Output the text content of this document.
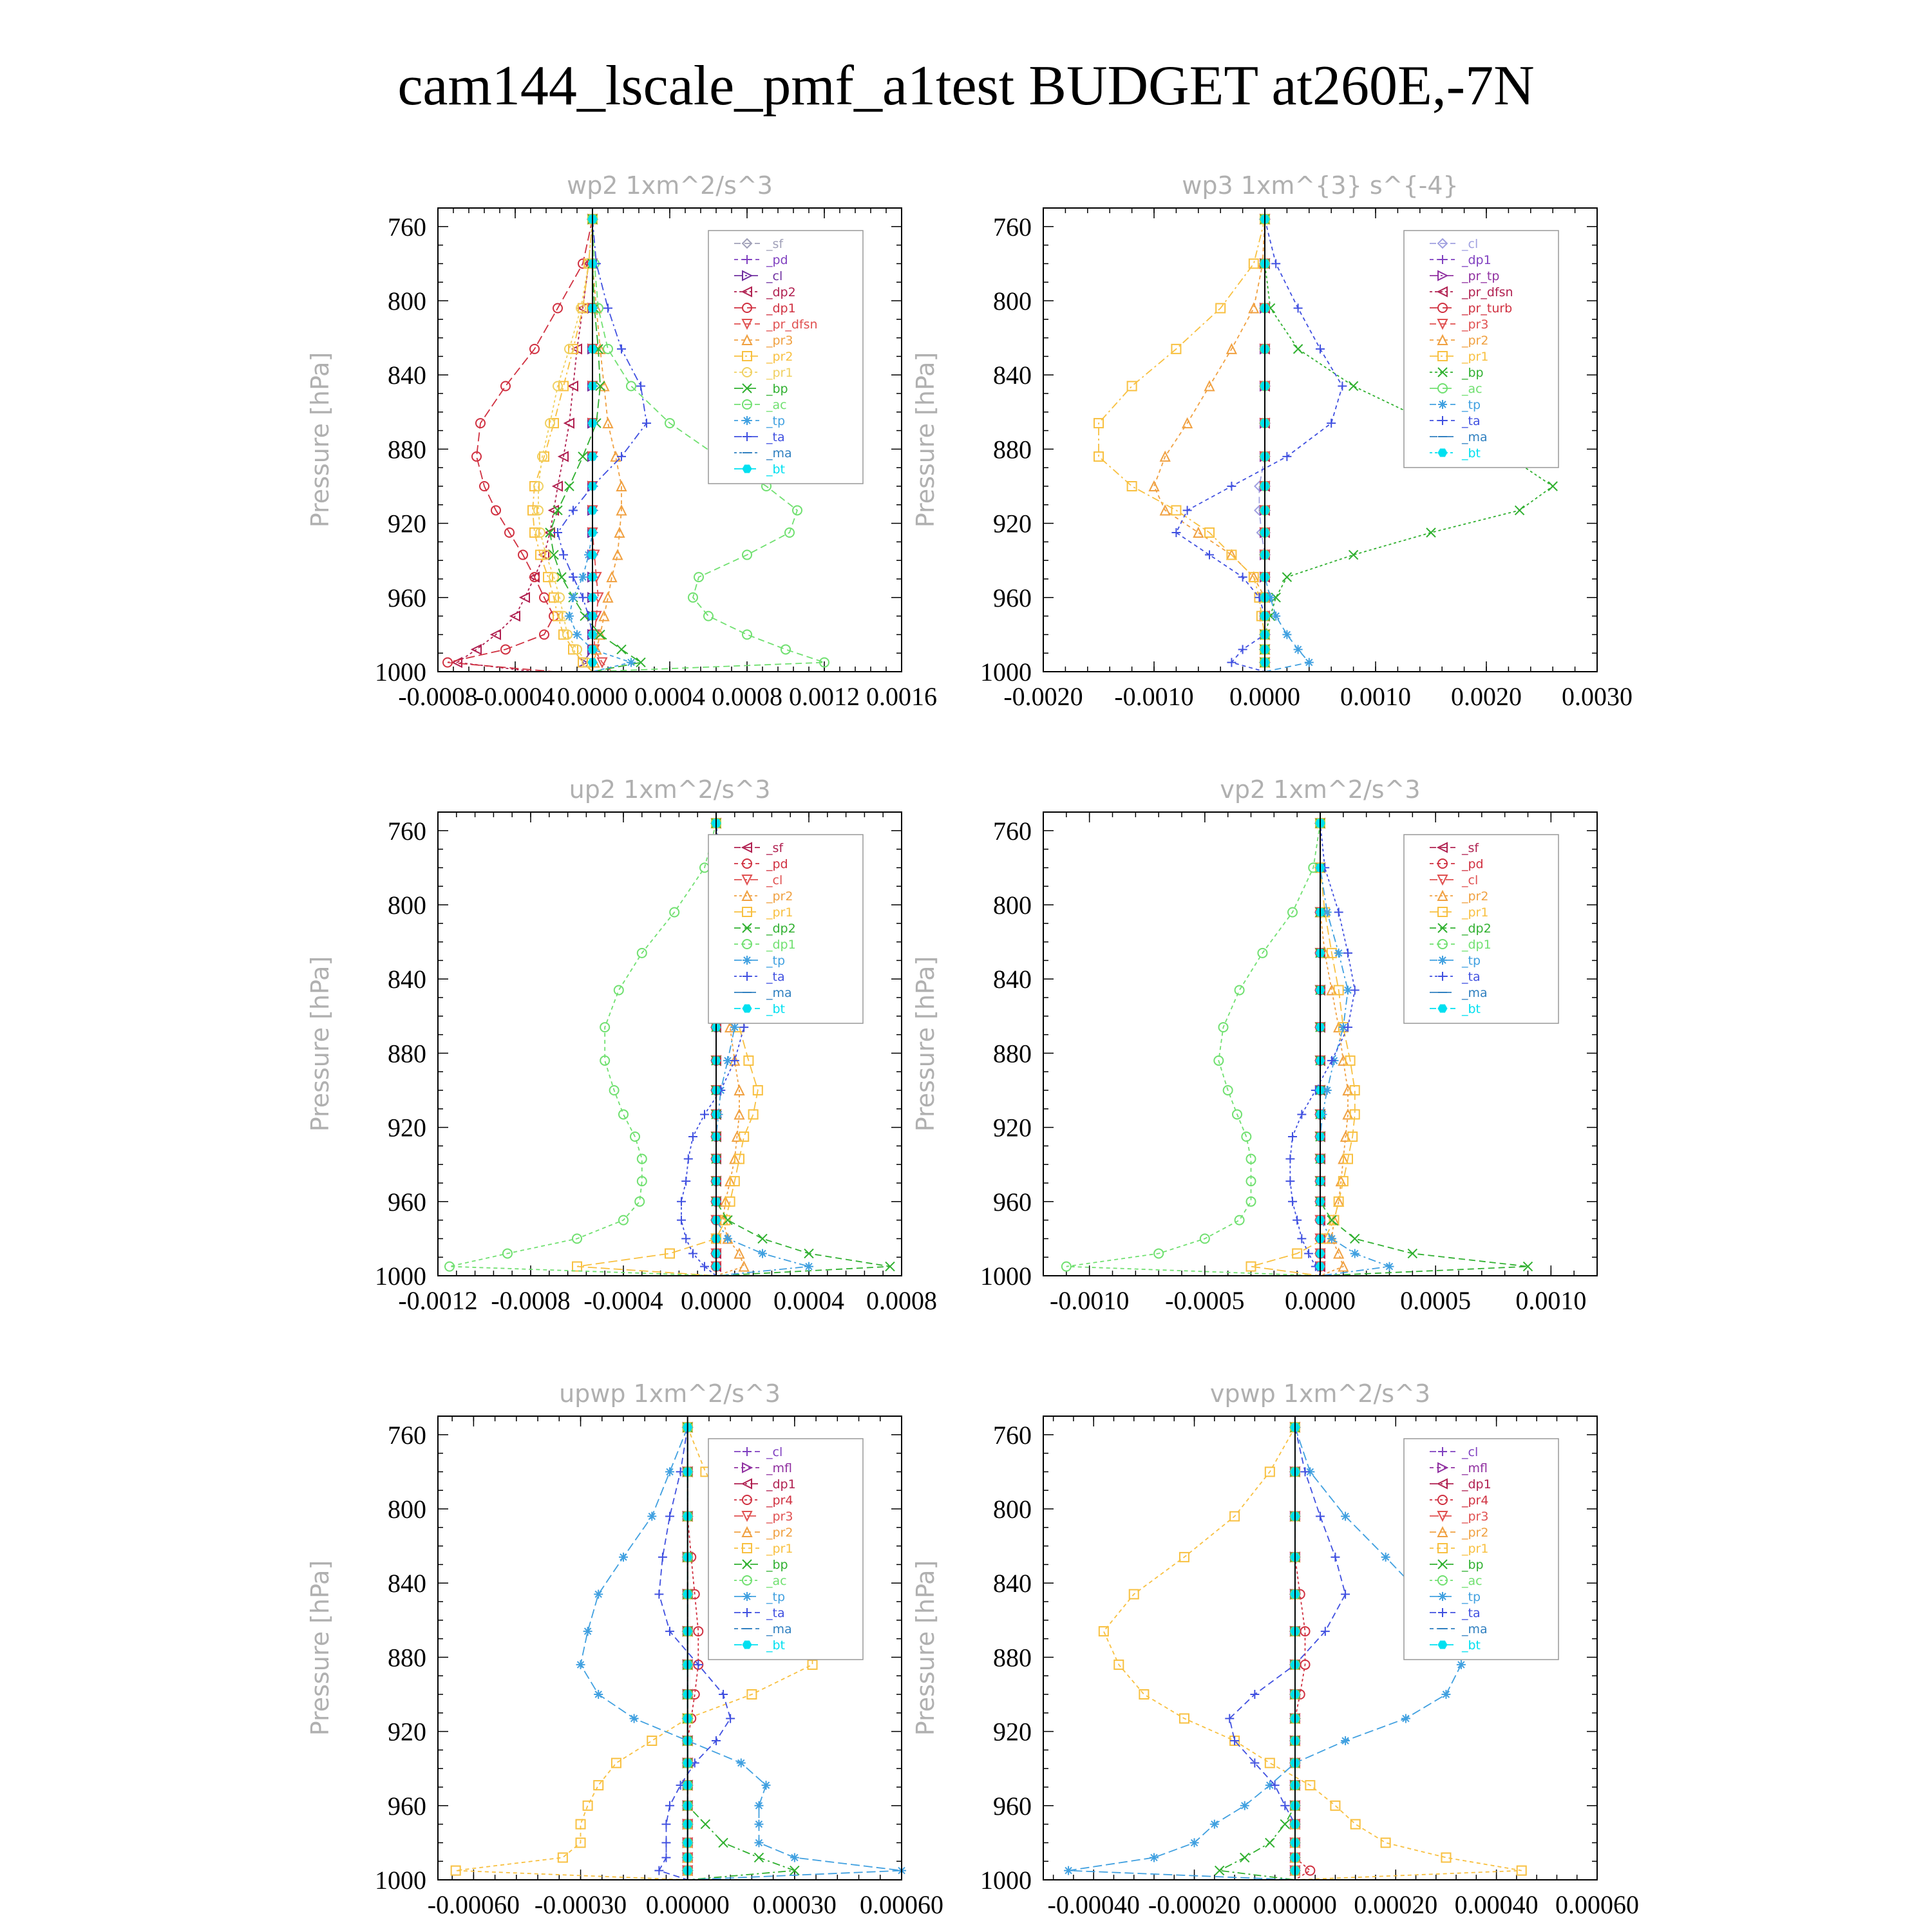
cam144_lscale_pmf_a1test BUDGET at260E,-7N
wp2 1xm^2/s^3
Pressure [hPa]
760
800
840
880
920
960
1000
-0.0008
-0.0004 0.0000 0.0004 0.0008 0.0012 0.0016
_sf
_pd
_cl
_dp2
_dp1
_pr_dfsn
_pr3
_pr2
_pr1
_bp
_ac
_tp
_ta
_ma
_bt
wp3 1xm^{3} s^{-4}
Pressure [hPa]
760
800
840
880
920
960
1000
-0.0020 -0.0010 0.0000 0.0010 0.0020 0.0030
_cl
_dp1
_pr_tp
_pr_dfsn
_pr_turb
_pr3
_pr2
_pr1
_bp
_ac
_tp
_ta
_ma
_bt
up2 1xm^2/s^3
Pressure [hPa]
760
800
840
880
920
960
1000
-0.0012 -0.0008 -0.0004 0.0000 0.0004 0.0008
_sf
_pd
_cl
_pr2
_pr1
_dp2
_dp1
_tp
_ta
_ma
_bt
vp2 1xm^2/s^3
Pressure [hPa]
760
800
840
880
920
960
1000
-0.0010 -0.0005 0.0000 0.0005 0.0010
_sf
_pd
_cl
_pr2
_pr1
_dp2
_dp1
_tp
_ta
_ma
_bt
upwp 1xm^2/s^3
Pressure [hPa]
760
800
840
880
920
960
1000
-0.00060 -0.00030 0.00000 0.00030 0.00060
_cl
_mfl
_dp1
_pr4
_pr3
_pr2
_pr1
_bp
_ac
_tp
_ta
_ma
_bt
vpwp 1xm^2/s^3
Pressure [hPa]
760
800
840
880
920
960
1000
-0.00040 -0.00020 0.00000 0.00020 0.00040 0.00060
_cl
_mfl
_dp1
_pr4
_pr3
_pr2
_pr1
_bp
_ac
_tp
_ta
_ma
_bt
